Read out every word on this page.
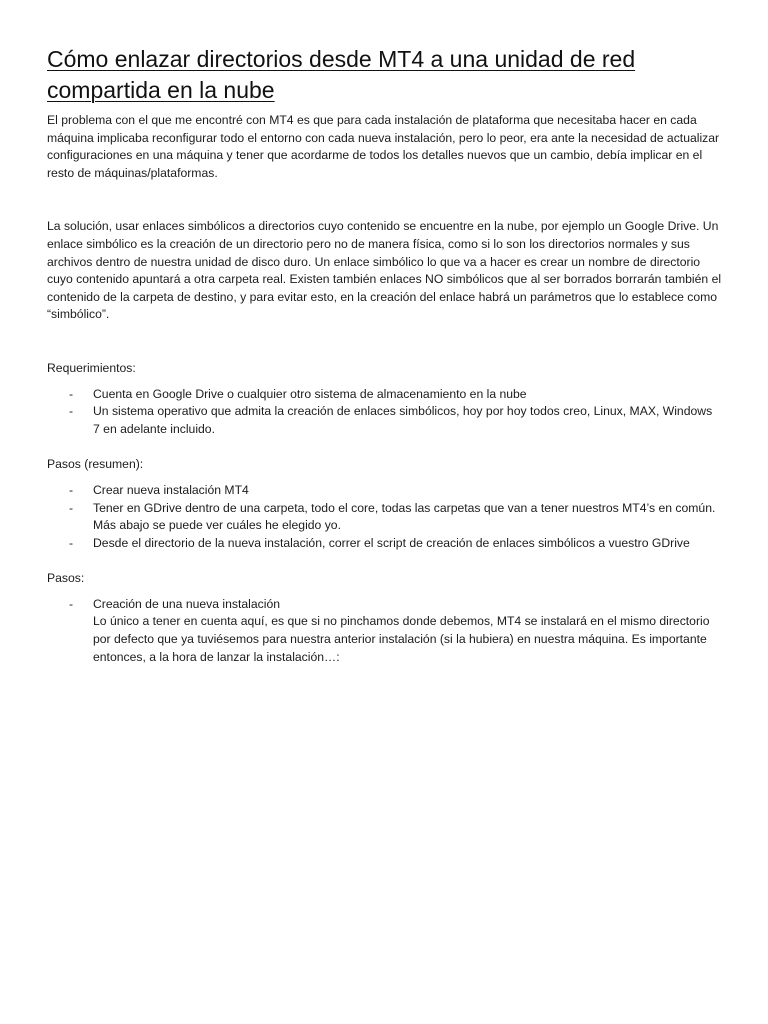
Cómo enlazar directorios desde MT4 a una unidad de red compartida en la nube

El problema con el que me encontré con MT4 es que para cada instalación de plataforma que necesitaba hacer en cada máquina implicaba reconfigurar todo el entorno con cada nueva instalación, pero lo peor, era ante la necesidad de actualizar configuraciones en una máquina y tener que acordarme de todos los detalles nuevos que un cambio, debía implicar en el resto de máquinas/plataformas.

La solución, usar enlaces simbólicos a directorios cuyo contenido se encuentre en la nube, por ejemplo un Google Drive. Un enlace simbólico es la creación de un directorio pero no de manera física, como si lo son los directorios normales y sus archivos dentro de nuestra unidad de disco duro. Un enlace simbólico lo que va a hacer es crear un nombre de directorio cuyo contenido apuntará a otra carpeta real. Existen también enlaces NO simbólicos que al ser borrados borrarán también el contenido de la carpeta de destino, y para evitar esto, en la creación del enlace habrá un parámetros que lo establece como “simbólico”.

Requerimientos:

- Cuenta en Google Drive o cualquier otro sistema de almacenamiento en la nube
- Un sistema operativo que admita la creación de enlaces simbólicos, hoy por hoy todos creo, Linux, MAX, Windows 7 en adelante incluido.

Pasos (resumen):

- Crear nueva instalación MT4
- Tener en GDrive dentro de una carpeta, todo el core, todas las carpetas que van a tener nuestros MT4’s en común. Más abajo se puede ver cuáles he elegido yo.
- Desde el directorio de la nueva instalación, correr el script de creación de enlaces simbólicos a vuestro GDrive

Pasos:

- Creación de una nueva instalación
Lo único a tener en cuenta aquí, es que si no pinchamos donde debemos, MT4 se instalará en el mismo directorio por defecto que ya tuviésemos para nuestra anterior instalación (si la hubiera) en nuestra máquina. Es importante entonces, a la hora de lanzar la instalación…:
